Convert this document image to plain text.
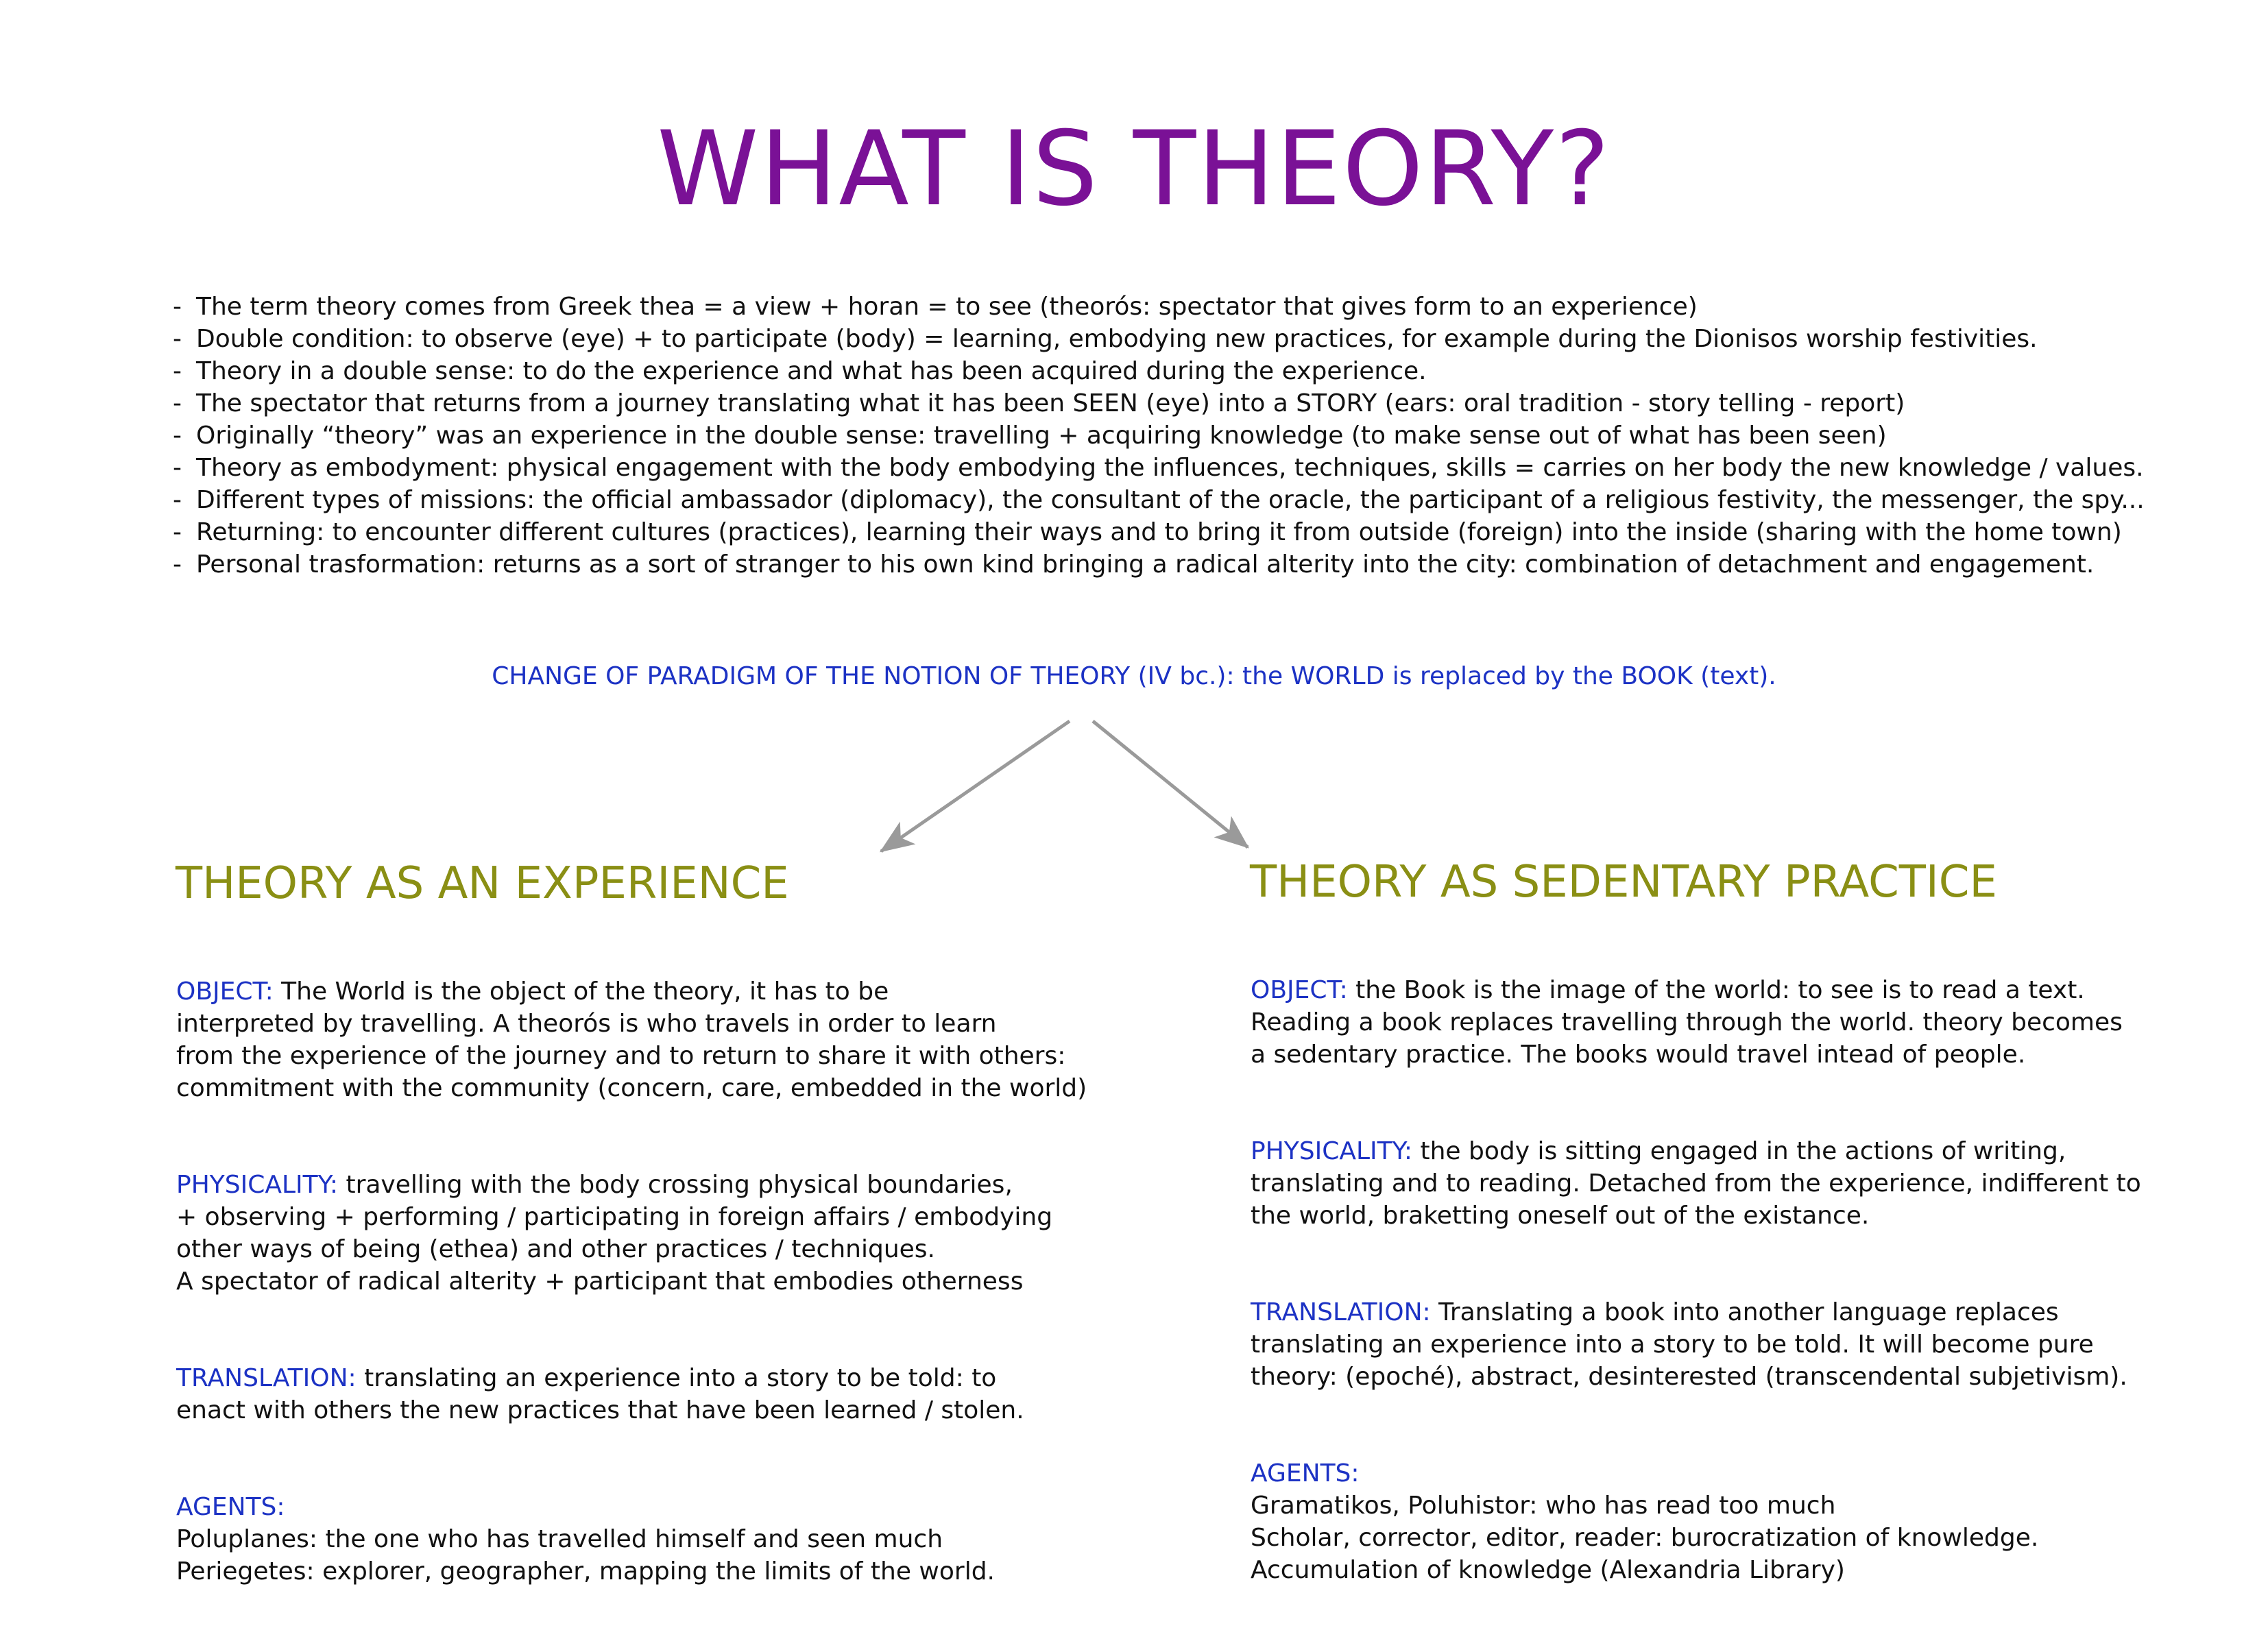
WHAT IS THEORY?
- The term theory comes from Greek thea = a view + horan = to see (theorós: spectator that gives form to an experience)
- Double condition: to observe (eye) + to participate (body) = learning, embodying new practices, for example during the Dionisos worship festivities.
- Theory in a double sense: to do the experience and what has been acquired during the experience.
- The spectator that returns from a journey translating what it has been SEEN (eye) into a STORY (ears: oral tradition - story telling - report)
- Originally “theory” was an experience in the double sense: travelling + acquiring knowledge (to make sense out of what has been seen)
- Theory as embodyment: physical engagement with the body embodying the influences, techniques, skills = carries on her body the new knowledge / values.
- Different types of missions: the official ambassador (diplomacy), the consultant of the oracle, the participant of a religious festivity, the messenger, the spy...
- Returning: to encounter different cultures (practices), learning their ways and to bring it from outside (foreign) into the inside (sharing with the home town)
- Personal trasformation: returns as a sort of stranger to his own kind bringing a radical alterity into the city: combination of detachment and engagement.
CHANGE OF PARADIGM OF THE NOTION OF THEORY (IV bc.): the WORLD is replaced by the BOOK (text).
THEORY AS AN EXPERIENCE

OBJECT: The World is the object of the theory, it has to be
interpreted by travelling. A theorós is who travels in order to learn
from the experience of the journey and to return to share it with others:
commitment with the community (concern, care, embedded in the world)

PHYSICALITY: travelling with the body crossing physical boundaries,
+ observing + performing / participating in foreign affairs / embodying
other ways of being (ethea) and other practices / techniques.
A spectator of radical alterity + participant that embodies otherness

TRANSLATION: translating an experience into a story to be told: to
enact with others the new practices that have been learned / stolen.

AGENTS:
Poluplanes: the one who has travelled himself and seen much
Periegetes: explorer, geographer, mapping the limits of the world.

THEORY AS SEDENTARY PRACTICE

OBJECT: the Book is the image of the world: to see is to read a text.
Reading a book replaces travelling through the world. theory becomes
a sedentary practice. The books would travel intead of people.

PHYSICALITY: the body is sitting engaged in the actions of writing,
translating and to reading. Detached from the experience, indifferent to
the world, braketting oneself out of the existance.

TRANSLATION: Translating a book into another language replaces
translating an experience into a story to be told. It will become pure
theory: (epoché), abstract, desinterested (transcendental subjetivism).

AGENTS:
Gramatikos, Poluhistor: who has read too much
Scholar, corrector, editor, reader: burocratization of knowledge.
Accumulation of knowledge (Alexandria Library)
